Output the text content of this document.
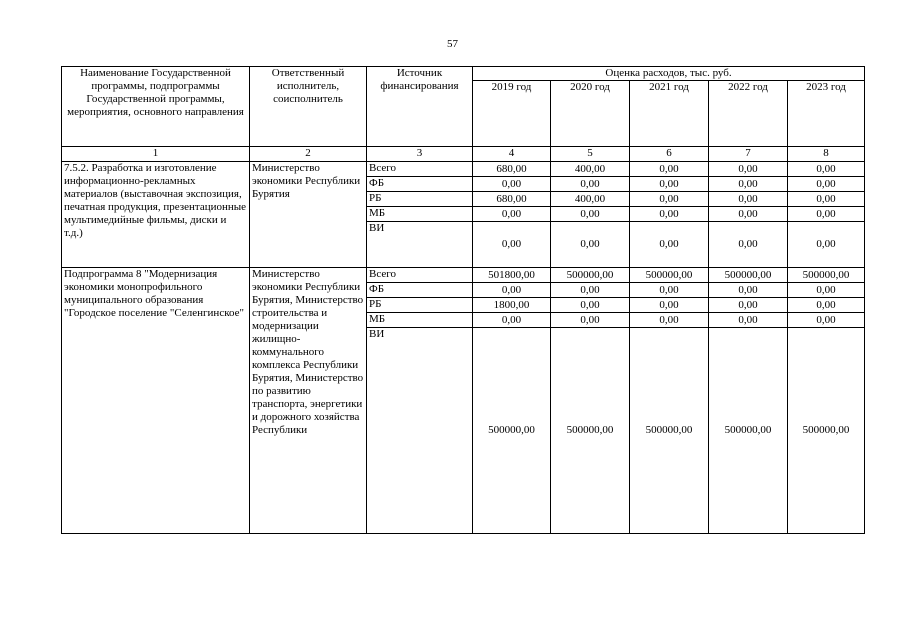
57
Наименование Государственной программы, подпрограммы Государственной программы, мероприятия, основного направления	Ответственный исполнитель, соисполнитель	Источник финансирования	Оценка расходов, тыс. руб.				
			2019 год	2020 год	2021 год	2022 год	2023 год
1	2	3	4	5	6	7	8
7.5.2. Разработка и изготовление информационно-рекламных материалов (выставочная экспозиция, печатная продукция, презентационные мультимедийные фильмы, диски и т.д.)	Министерство экономики Республики Бурятия	Всего	680,00	400,00	0,00	0,00	0,00
		ФБ	0,00	0,00	0,00	0,00	0,00
		РБ	680,00	400,00	0,00	0,00	0,00
		МБ	0,00	0,00	0,00	0,00	0,00
		ВИ	0,00	0,00	0,00	0,00	0,00
Подпрограмма 8 "Модернизация экономики монопрофильного муниципального образования "Городское поселение "Селенгинское"	Министерство экономики Республики Бурятия, Министерство строительства и модернизации жилищно-коммунального комплекса Республики Бурятия, Министерство по развитию транспорта, энергетики и дорожного хозяйства Республики	Всего	501800,00	500000,00	500000,00	500000,00	500000,00
		ФБ	0,00	0,00	0,00	0,00	0,00
		РБ	1800,00	0,00	0,00	0,00	0,00
		МБ	0,00	0,00	0,00	0,00	0,00
		ВИ	500000,00	500000,00	500000,00	500000,00	500000,00
